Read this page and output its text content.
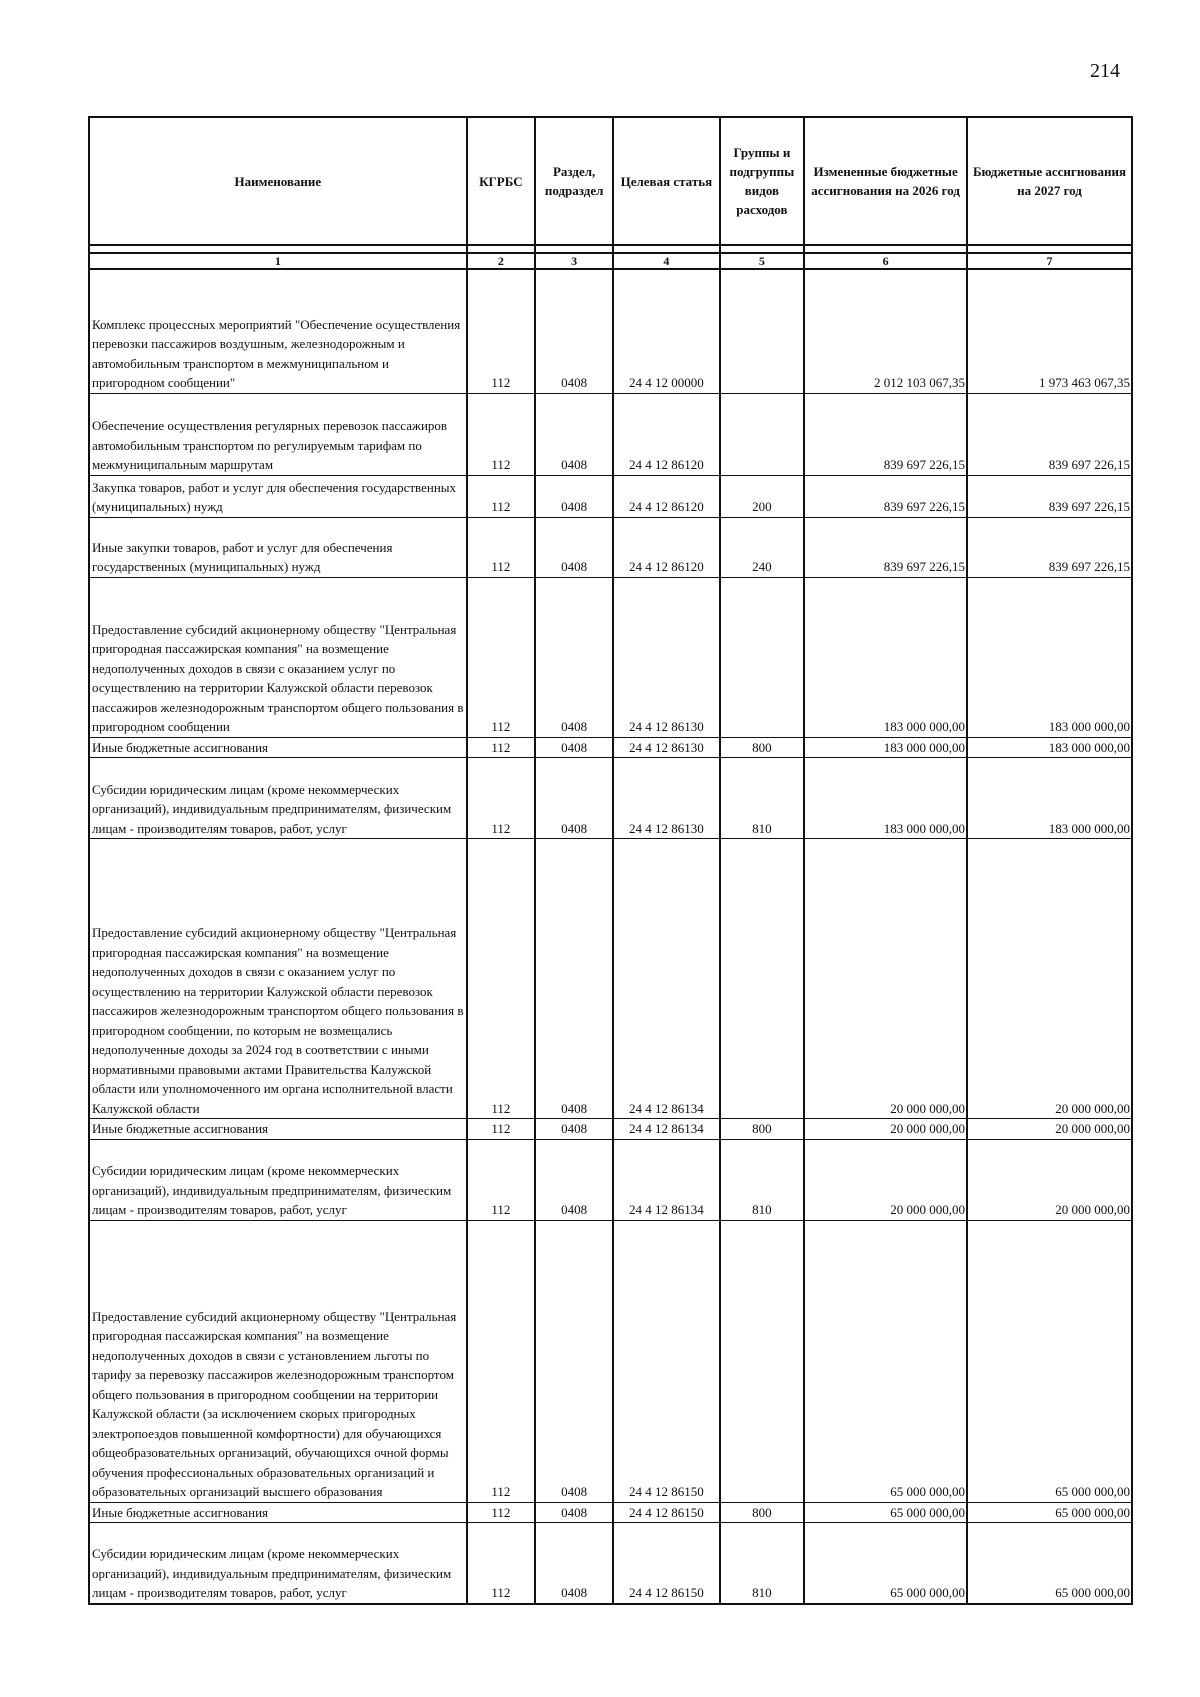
214
Наименование	КГРБС	Раздел, подраздел	Целевая статья	Группы и подгруппы видов расходов	Измененные бюджетные ассигнования на 2026 год	Бюджетные ассигнования на 2027 год

1	2	3	4	5	6	7
Комплекс процессных мероприятий "Обеспечение осуществления перевозки пассажиров воздушным, железнодорожным и автомобильным транспортом в межмуниципальном и пригородном сообщении"	112	0408	24 4 12 00000		2 012 103 067,35	1 973 463 067,35
Обеспечение осуществления регулярных перевозок пассажиров автомобильным транспортом по регулируемым тарифам по межмуниципальным маршрутам	112	0408	24 4 12 86120		839 697 226,15	839 697 226,15
Закупка товаров, работ и услуг для обеспечения государственных (муниципальных) нужд	112	0408	24 4 12 86120	200	839 697 226,15	839 697 226,15
Иные закупки товаров, работ и услуг для обеспечения государственных (муниципальных) нужд	112	0408	24 4 12 86120	240	839 697 226,15	839 697 226,15
Предоставление субсидий акционерному обществу "Центральная пригородная пассажирская компания" на возмещение недополученных доходов в связи с оказанием услуг по осуществлению на территории Калужской области перевозок пассажиров железнодорожным транспортом общего пользования в пригородном сообщении	112	0408	24 4 12 86130		183 000 000,00	183 000 000,00
Иные бюджетные ассигнования	112	0408	24 4 12 86130	800	183 000 000,00	183 000 000,00
Субсидии юридическим лицам (кроме некоммерческих организаций), индивидуальным предпринимателям, физическим лицам - производителям товаров, работ, услуг	112	0408	24 4 12 86130	810	183 000 000,00	183 000 000,00
Предоставление субсидий акционерному обществу "Центральная пригородная пассажирская компания" на возмещение недополученных доходов в связи с оказанием услуг по осуществлению на территории Калужской области перевозок пассажиров железнодорожным транспортом общего пользования в пригородном сообщении, по которым не возмещались недополученные доходы за 2024 год в соответствии с иными нормативными правовыми актами Правительства Калужской области или уполномоченного им органа исполнительной власти Калужской области	112	0408	24 4 12 86134		20 000 000,00	20 000 000,00
Иные бюджетные ассигнования	112	0408	24 4 12 86134	800	20 000 000,00	20 000 000,00
Субсидии юридическим лицам (кроме некоммерческих организаций), индивидуальным предпринимателям, физическим лицам - производителям товаров, работ, услуг	112	0408	24 4 12 86134	810	20 000 000,00	20 000 000,00
Предоставление субсидий акционерному обществу "Центральная пригородная пассажирская компания" на возмещение недополученных доходов в связи с установлением льготы по тарифу за перевозку пассажиров железнодорожным транспортом общего пользования в пригородном сообщении на территории Калужской области (за исключением скорых пригородных электропоездов повышенной комфортности) для обучающихся общеобразовательных организаций, обучающихся очной формы обучения профессиональных образовательных организаций и образовательных организаций высшего образования	112	0408	24 4 12 86150		65 000 000,00	65 000 000,00
Иные бюджетные ассигнования	112	0408	24 4 12 86150	800	65 000 000,00	65 000 000,00
Субсидии юридическим лицам (кроме некоммерческих организаций), индивидуальным предпринимателям, физическим лицам - производителям товаров, работ, услуг	112	0408	24 4 12 86150	810	65 000 000,00	65 000 000,00
